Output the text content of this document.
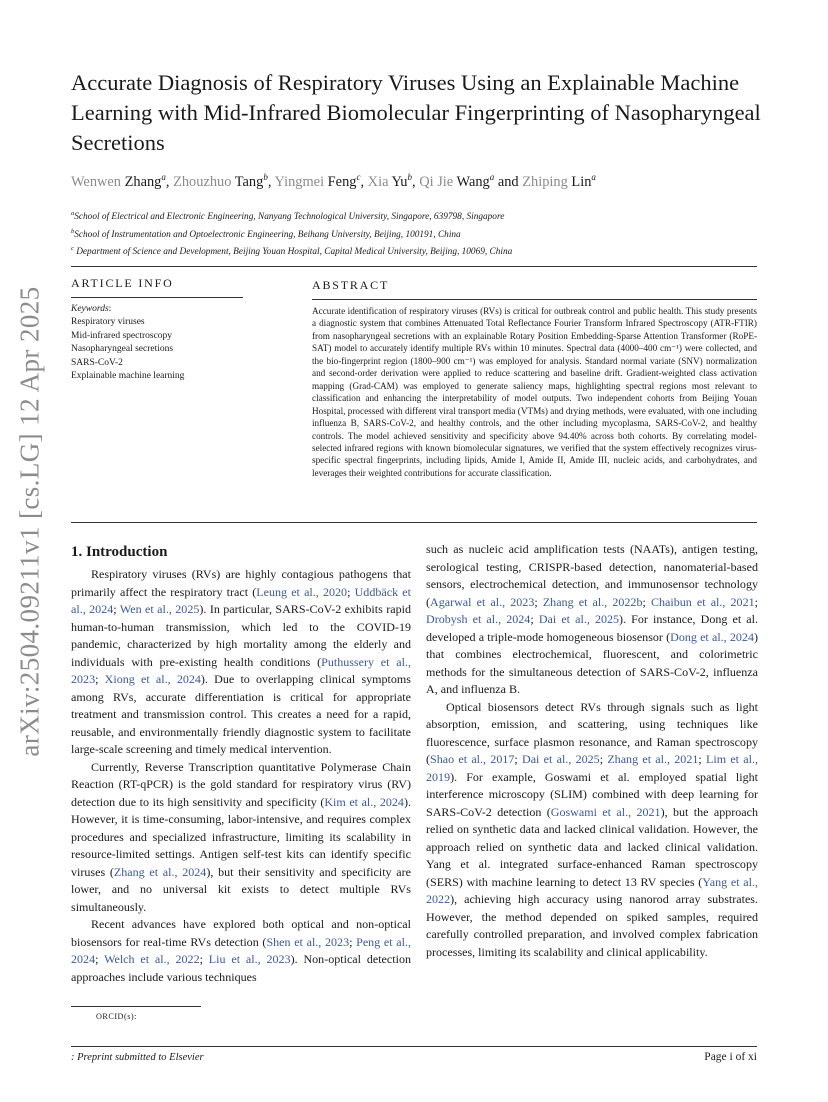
arXiv:2504.09211v1 [cs.LG] 12 Apr 2025
Accurate Diagnosis of Respiratory Viruses Using an Explainable Machine Learning with Mid-Infrared Biomolecular Fingerprinting of Nasopharyngeal Secretions
Wenwen Zhang$^a$, Zhouzhuo Tang$^b$, Yingmei Feng$^c$, Xia Yu$^b$, Qi Jie Wang$^a$ and Zhiping Lin$^a$
$^a$School of Electrical and Electronic Engineering, Nanyang Technological University, Singapore, 639798, Singapore
$^b$School of Instrumentation and Optoelectronic Engineering, Beihang University, Beijing, 100191, China
$^c$ Department of Science and Development, Beijing Youan Hospital, Capital Medical University, Beijing, 10069, China
ARTICLE INFO
Keywords:
Respiratory viruses
Mid-infrared spectroscopy
Nasopharyngeal secretions
SARS-CoV-2
Explainable machine learning
ABSTRACT

Accurate identification of respiratory viruses (RVs) is critical for outbreak control and public health. This study presents a diagnostic system that combines Attenuated Total Reflectance Fourier Transform Infrared Spectroscopy (ATR-FTIR) from nasopharyngeal secretions with an explainable Rotary Position Embedding-Sparse Attention Transformer (RoPE-SAT) model to accurately identify multiple RVs within 10 minutes. Spectral data (4000–400 cm⁻¹) were collected, and the bio-fingerprint region (1800–900 cm⁻¹) was employed for analysis. Standard normal variate (SNV) normalization and second-order derivation were applied to reduce scattering and baseline drift. Gradient-weighted class activation mapping (Grad-CAM) was employed to generate saliency maps, highlighting spectral regions most relevant to classification and enhancing the interpretability of model outputs. Two independent cohorts from Beijing Youan Hospital, processed with different viral transport media (VTMs) and drying methods, were evaluated, with one including influenza B, SARS-CoV-2, and healthy controls, and the other including mycoplasma, SARS-CoV-2, and healthy controls. The model achieved sensitivity and specificity above 94.40% across both cohorts. By correlating model-selected infrared regions with known biomolecular signatures, we verified that the system effectively recognizes virus-specific spectral fingerprints, including lipids, Amide I, Amide II, Amide III, nucleic acids, and carbohydrates, and leverages their weighted contributions for accurate classification.

1. Introduction

Respiratory viruses (RVs) are highly contagious pathogens that primarily affect the respiratory tract (Leung et al., 2020; Uddbäck et al., 2024; Wen et al., 2025). In particular, SARS-CoV-2 exhibits rapid human-to-human transmission, which led to the COVID-19 pandemic, characterized by high mortality among the elderly and individuals with pre-existing health conditions (Puthussery et al., 2023; Xiong et al., 2024). Due to overlapping clinical symptoms among RVs, accurate differentiation is critical for appropriate treatment and transmission control. This creates a need for a rapid, reusable, and environmentally friendly diagnostic system to facilitate large-scale screening and timely medical intervention.

Currently, Reverse Transcription quantitative Polymerase Chain Reaction (RT-qPCR) is the gold standard for respiratory virus (RV) detection due to its high sensitivity and specificity (Kim et al., 2024). However, it is time-consuming, labor-intensive, and requires complex procedures and specialized infrastructure, limiting its scalability in resource-limited settings. Antigen self-test kits can identify specific viruses (Zhang et al., 2024), but their sensitivity and specificity are lower, and no universal kit exists to detect multiple RVs simultaneously.

Recent advances have explored both optical and non-optical biosensors for real-time RVs detection (Shen et al., 2023; Peng et al., 2024; Welch et al., 2022; Liu et al., 2023). Non-optical detection approaches include various techniques

such as nucleic acid amplification tests (NAATs), antigen testing, serological testing, CRISPR-based detection, nanomaterial-based sensors, electrochemical detection, and immunosensor technology (Agarwal et al., 2023; Zhang et al., 2022b; Chaibun et al., 2021; Drobysh et al., 2024; Dai et al., 2025). For instance, Dong et al. developed a triple-mode homogeneous biosensor (Dong et al., 2024) that combines electrochemical, fluorescent, and colorimetric methods for the simultaneous detection of SARS-CoV-2, influenza A, and influenza B.

Optical biosensors detect RVs through signals such as light absorption, emission, and scattering, using techniques like fluorescence, surface plasmon resonance, and Raman spectroscopy (Shao et al., 2017; Dai et al., 2025; Zhang et al., 2021; Lim et al., 2019). For example, Goswami et al. employed spatial light interference microscopy (SLIM) combined with deep learning for SARS-CoV-2 detection (Goswami et al., 2021), but the approach relied on synthetic data and lacked clinical validation. However, the approach relied on synthetic data and lacked clinical validation. Yang et al. integrated surface-enhanced Raman spectroscopy (SERS) with machine learning to detect 13 RV species (Yang et al., 2022), achieving high accuracy using nanorod array substrates. However, the method depended on spiked samples, required carefully controlled preparation, and involved complex fabrication processes, limiting its scalability and clinical applicability.

ORCID(s):
: Preprint submitted to Elsevier	Page i of xi
